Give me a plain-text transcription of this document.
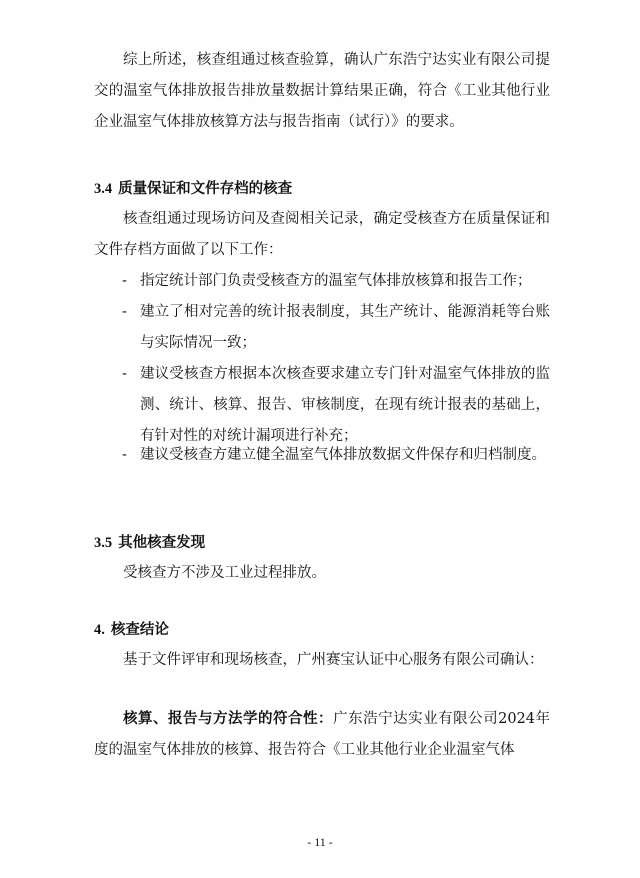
综上所述，核查组通过核查验算，确认广东浩宁达实业有限公司提交的温室气体排放报告排放量数据计算结果正确，符合《工业其他行业企业温室气体排放核算方法与报告指南（试行）》的要求。

3.4 质量保证和文件存档的核查

核查组通过现场访问及查阅相关记录，确定受核查方在质量保证和文件存档方面做了以下工作：

- 指定统计部门负责受核查方的温室气体排放核算和报告工作；
- 建立了相对完善的统计报表制度，其生产统计、能源消耗等台账与实际情况一致；
- 建议受核查方根据本次核查要求建立专门针对温室气体排放的监测、统计、核算、报告、审核制度，在现有统计报表的基础上，有针对性的对统计漏项进行补充；
- 建议受核查方建立健全温室气体排放数据文件保存和归档制度。
3.5 其他核查发现

受核查方不涉及工业过程排放。

4. 核查结论

基于文件评审和现场核查，广州赛宝认证中心服务有限公司确认：

核算、报告与方法学的符合性：广东浩宁达实业有限公司2024年度的温室气体排放的核算、报告符合《工业其他行业企业温室气体

- 11 -
